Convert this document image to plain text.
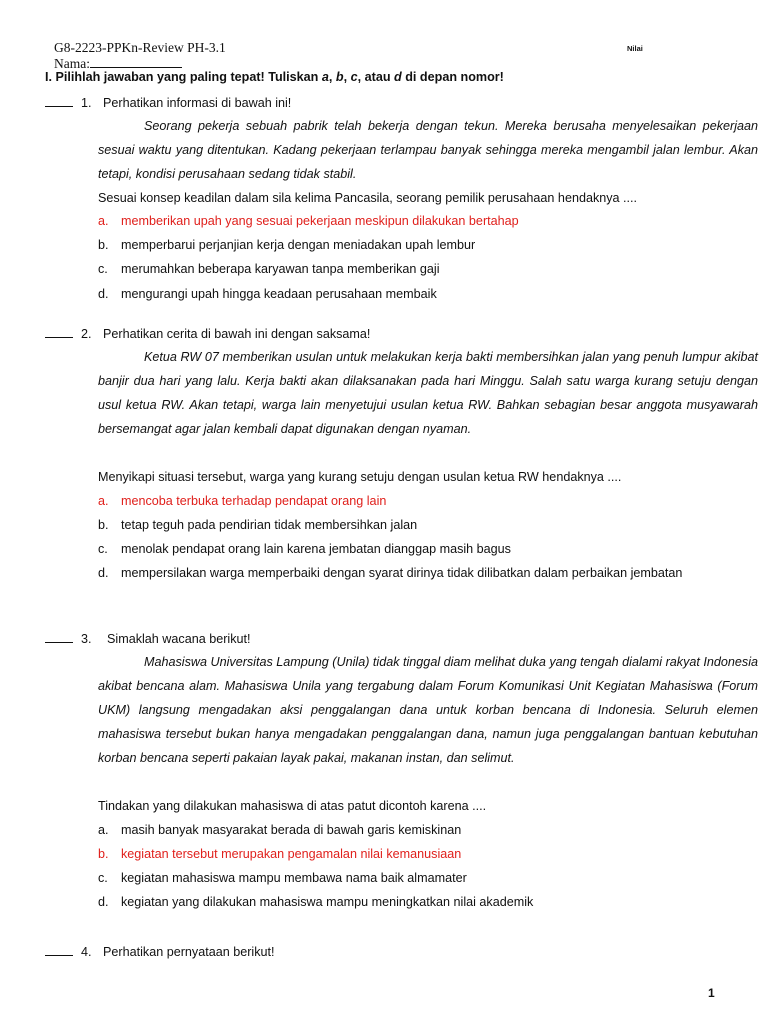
G8-2223-PPKn-Review PH-3.1
Nama:
Nilai
I. Pilihlah jawaban yang paling tepat! Tuliskan a, b, c, atau d di depan nomor!
1. Perhatikan informasi di bawah ini!
Seorang pekerja sebuah pabrik telah bekerja dengan tekun. Mereka berusaha menyelesaikan pekerjaan sesuai waktu yang ditentukan. Kadang pekerjaan terlampau banyak sehingga mereka mengambil jalan lembur. Akan tetapi, kondisi perusahaan sedang tidak stabil.
Sesuai konsep keadilan dalam sila kelima Pancasila, seorang pemilik perusahaan hendaknya ....
a. memberikan upah yang sesuai pekerjaan meskipun dilakukan bertahap
b. memperbarui perjanjian kerja dengan meniadakan upah lembur
c. merumahkan beberapa karyawan tanpa memberikan gaji
d. mengurangi upah hingga keadaan perusahaan membaik
2. Perhatikan cerita di bawah ini dengan saksama!
Ketua RW 07 memberikan usulan untuk melakukan kerja bakti membersihkan jalan yang penuh lumpur akibat banjir dua hari yang lalu. Kerja bakti akan dilaksanakan pada hari Minggu. Salah satu warga kurang setuju dengan usul ketua RW. Akan tetapi, warga lain menyetujui usulan ketua RW. Bahkan sebagian besar anggota musyawarah bersemangat agar jalan kembali dapat digunakan dengan nyaman.
Menyikapi situasi tersebut, warga yang kurang setuju dengan usulan ketua RW hendaknya ....
a. mencoba terbuka terhadap pendapat orang lain
b. tetap teguh pada pendirian tidak membersihkan jalan
c. menolak pendapat orang lain karena jembatan dianggap masih bagus
d. mempersilakan warga memperbaiki dengan syarat dirinya tidak dilibatkan dalam perbaikan jembatan
3. Simaklah wacana berikut!
Mahasiswa Universitas Lampung (Unila) tidak tinggal diam melihat duka yang tengah dialami rakyat Indonesia akibat bencana alam. Mahasiswa Unila yang tergabung dalam Forum Komunikasi Unit Kegiatan Mahasiswa (Forum UKM) langsung mengadakan aksi penggalangan dana untuk korban bencana di Indonesia. Seluruh elemen mahasiswa tersebut bukan hanya mengadakan penggalangan dana, namun juga penggalangan bantuan kebutuhan korban bencana seperti pakaian layak pakai, makanan instan, dan selimut.
Tindakan yang dilakukan mahasiswa di atas patut dicontoh karena ....
a. masih banyak masyarakat berada di bawah garis kemiskinan
b. kegiatan tersebut merupakan pengamalan nilai kemanusiaan
c. kegiatan mahasiswa mampu membawa nama baik almamater
d. kegiatan yang dilakukan mahasiswa mampu meningkatkan nilai akademik
4. Perhatikan pernyataan berikut!
1
